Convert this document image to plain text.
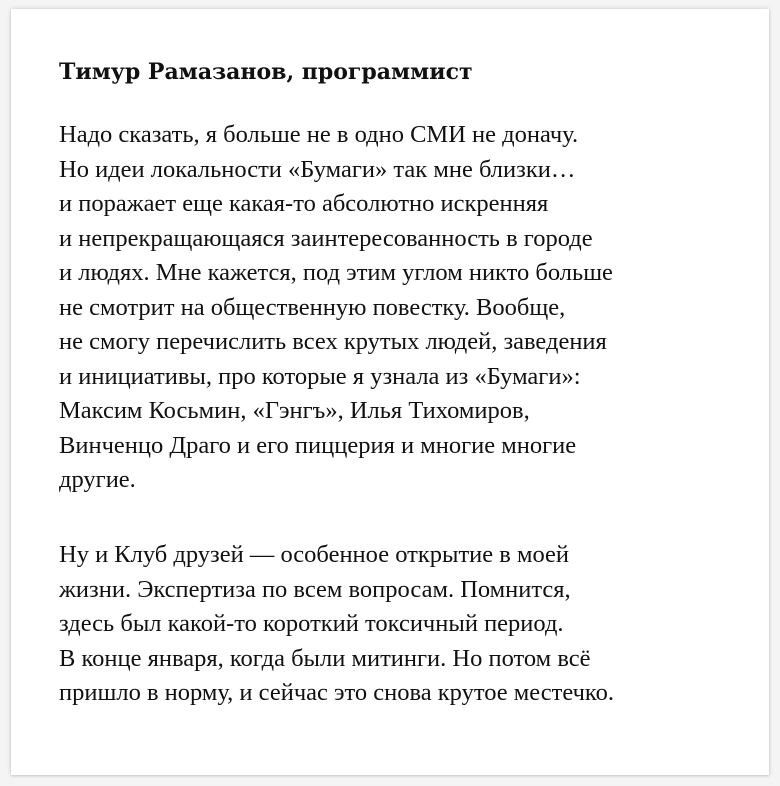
Тимур Рамазанов, программист

Надо сказать, я больше не в одно СМИ не доначу.
Но идеи локальности «Бумаги» так мне близки…
и поражает еще какая-то абсолютно искренняя
и непрекращающаяся заинтересованность в городе
и людях. Мне кажется, под этим углом никто больше
не смотрит на общественную повестку. Вообще,
не смогу перечислить всех крутых людей, заведения
и инициативы, про которые я узнала из «Бумаги»:
Максим Косьмин, «Гэнгъ», Илья Тихомиров,
Винченцо Драго и его пиццерия и многие многие
другие.

Ну и Клуб друзей — особенное открытие в моей
жизни. Экспертиза по всем вопросам. Помнится,
здесь был какой-то короткий токсичный период.
В конце января, когда были митинги. Но потом всё
пришло в норму, и сейчас это снова крутое местечко.
